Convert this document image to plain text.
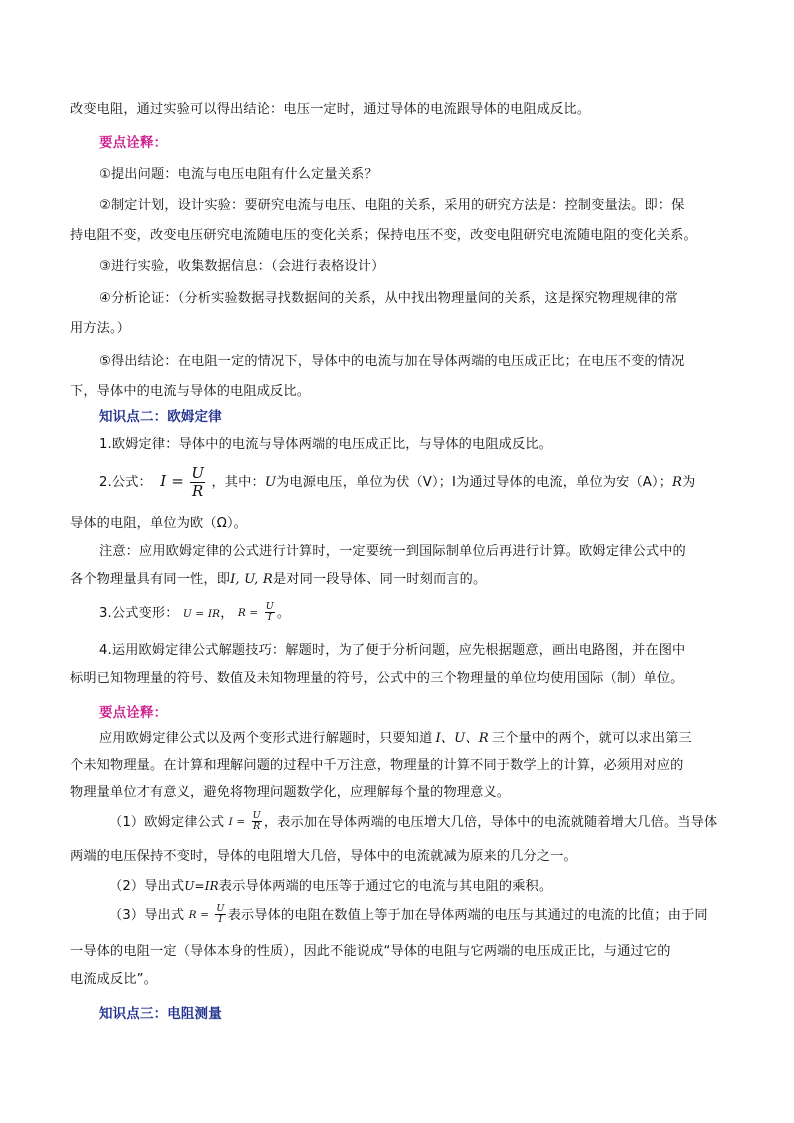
改变电阻，通过实验可以得出结论：电压一定时，通过导体的电流跟导体的电阻成反比。
要点诠释：
①提出问题：电流与电压电阻有什么定量关系？
②制定计划，设计实验：要研究电流与电压、电阻的关系，采用的研究方法是：控制变量法。即：保
持电阻不变，改变电压研究电流随电压的变化关系；保持电压不变，改变电阻研究电流随电阻的变化关系。
③进行实验，收集数据信息：（会进行表格设计）
④分析论证：（分析实验数据寻找数据间的关系，从中找出物理量间的关系，这是探究物理规律的常
用方法。）
⑤得出结论：在电阻一定的情况下，导体中的电流与加在导体两端的电压成正比；在电压不变的情况
下，导体中的电流与导体的电阻成反比。
知识点二：欧姆定律
1.欧姆定律：导体中的电流与导体两端的电压成正比，与导体的电阻成反比。
2.公式： $I = \frac{U}{R}$ ，其中：U为电源电压，单位为伏（V）；I为通过导体的电流，单位为安（A）；R为
导体的电阻，单位为欧（Ω）。
注意：应用欧姆定律的公式进行计算时，一定要统一到国际制单位后再进行计算。欧姆定律公式中的
各个物理量具有同一性，即I, U, R是对同一段导体、同一时刻而言的。
3.公式变形： U = IR， $R = \frac{U}{I}$ 。
4.运用欧姆定律公式解题技巧：解题时，为了便于分析问题，应先根据题意，画出电路图，并在图中
标明已知物理量的符号、数值及未知物理量的符号，公式中的三个物理量的单位均使用国际（制）单位。
要点诠释：
应用欧姆定律公式以及两个变形式进行解题时，只要知道 I、U、R 三个量中的两个，就可以求出第三
个未知物理量。在计算和理解问题的过程中千万注意，物理量的计算不同于数学上的计算，必须用对应的
物理量单位才有意义，避免将物理问题数学化，应理解每个量的物理意义。
（1）欧姆定律公式 $I = \frac{U}{R}$ ，表示加在导体两端的电压增大几倍，导体中的电流就随着增大几倍。当导体
两端的电压保持不变时，导体的电阻增大几倍，导体中的电流就减为原来的几分之一。
（2）导出式U=IR表示导体两端的电压等于通过它的电流与其电阻的乘积。
（3）导出式 $R = \frac{U}{I}$ 表示导体的电阻在数值上等于加在导体两端的电压与其通过的电流的比值；由于同
一导体的电阻一定（导体本身的性质），因此不能说成“导体的电阻与它两端的电压成正比，与通过它的
电流成反比”。
知识点三：电阻测量
